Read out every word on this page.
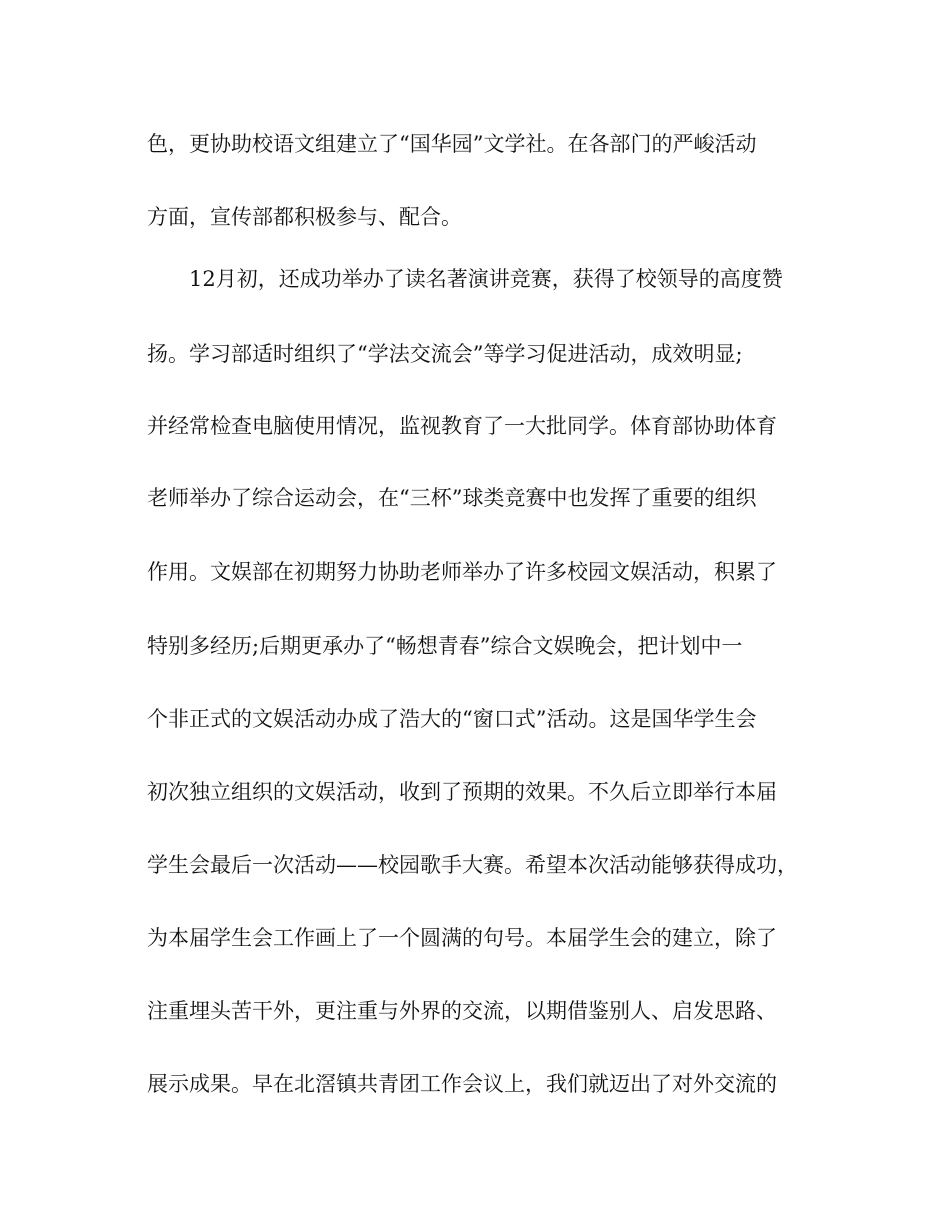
色，更协助校语文组建立了“国华园”文学社。在各部门的严峻活动
方面，宣传部都积极参与、配合。
12月初，还成功举办了读名著演讲竞赛，获得了校领导的高度赞
扬。学习部适时组织了“学法交流会”等学习促进活动，成效明显;
并经常检查电脑使用情况，监视教育了一大批同学。体育部协助体育
老师举办了综合运动会，在“三杯”球类竞赛中也发挥了重要的组织
作用。文娱部在初期努力协助老师举办了许多校园文娱活动，积累了
特别多经历;后期更承办了“畅想青春”综合文娱晚会，把计划中一
个非正式的文娱活动办成了浩大的“窗口式”活动。这是国华学生会
初次独立组织的文娱活动，收到了预期的效果。不久后立即举行本届
学生会最后一次活动——校园歌手大赛。希望本次活动能够获得成功，
为本届学生会工作画上了一个圆满的句号。本届学生会的建立，除了
注重埋头苦干外，更注重与外界的交流，以期借鉴别人、启发思路、
展示成果。早在北滘镇共青团工作会议上，我们就迈出了对外交流的
